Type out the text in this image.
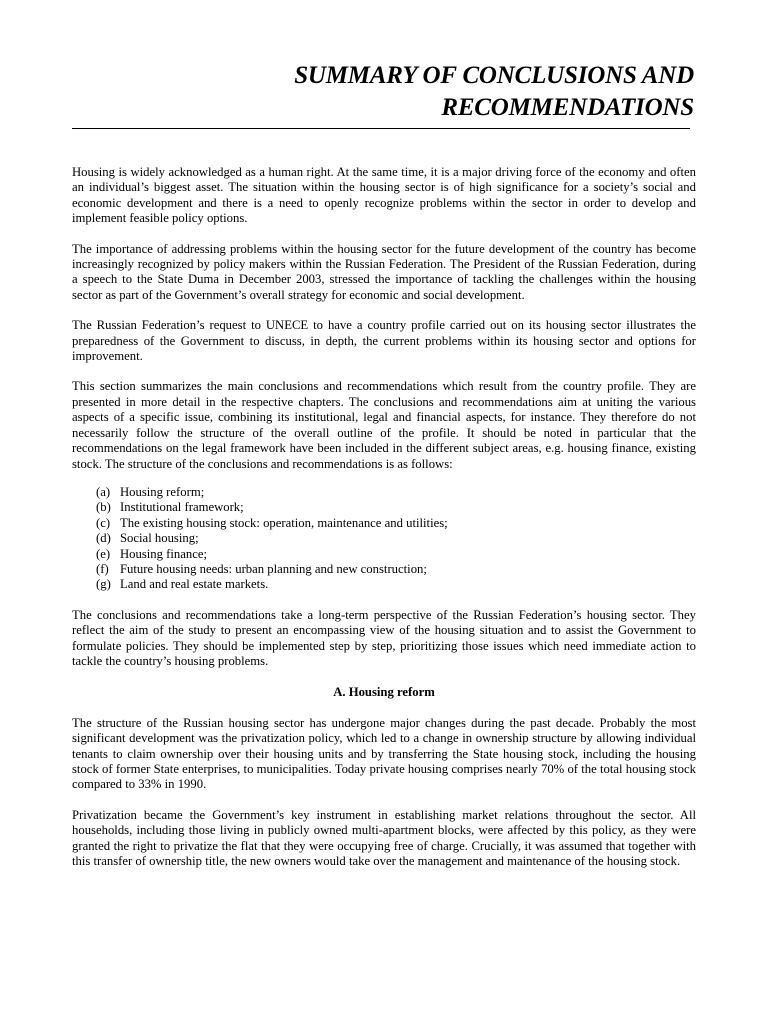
SUMMARY OF CONCLUSIONS AND
RECOMMENDATIONS

Housing is widely acknowledged as a human right. At the same time, it is a major driving force of the economy and often an individual’s biggest asset. The situation within the housing sector is of high significance for a society’s social and economic development and there is a need to openly recognize problems within the sector in order to develop and implement feasible policy options.

The importance of addressing problems within the housing sector for the future development of the country has become increasingly recognized by policy makers within the Russian Federation. The President of the Russian Federation, during a speech to the State Duma in December 2003, stressed the importance of tackling the challenges within the housing sector as part of the Government’s overall strategy for economic and social development.

The Russian Federation’s request to UNECE to have a country profile carried out on its housing sector illustrates the preparedness of the Government to discuss, in depth, the current problems within its housing sector and options for improvement.

This section summarizes the main conclusions and recommendations which result from the country profile. They are presented in more detail in the respective chapters. The conclusions and recommendations aim at uniting the various aspects of a specific issue, combining its institutional, legal and financial aspects, for instance. They therefore do not necessarily follow the structure of the overall outline of the profile. It should be noted in particular that the recommendations on the legal framework have been included in the different subject areas, e.g. housing finance, existing stock. The structure of the conclusions and recommendations is as follows:

(a) Housing reform;
(b) Institutional framework;
(c) The existing housing stock: operation, maintenance and utilities;
(d) Social housing;
(e) Housing finance;
(f) Future housing needs: urban planning and new construction;
(g) Land and real estate markets.

The conclusions and recommendations take a long-term perspective of the Russian Federation’s housing sector. They reflect the aim of the study to present an encompassing view of the housing situation and to assist the Government to formulate policies. They should be implemented step by step, prioritizing those issues which need immediate action to tackle the country’s housing problems.

A. Housing reform

The structure of the Russian housing sector has undergone major changes during the past decade. Probably the most significant development was the privatization policy, which led to a change in ownership structure by allowing individual tenants to claim ownership over their housing units and by transferring the State housing stock, including the housing stock of former State enterprises, to municipalities. Today private housing comprises nearly 70% of the total housing stock compared to 33% in 1990.

Privatization became the Government’s key instrument in establishing market relations throughout the sector. All households, including those living in publicly owned multi-apartment blocks, were affected by this policy, as they were granted the right to privatize the flat that they were occupying free of charge. Crucially, it was assumed that together with this transfer of ownership title, the new owners would take over the management and maintenance of the housing stock.
